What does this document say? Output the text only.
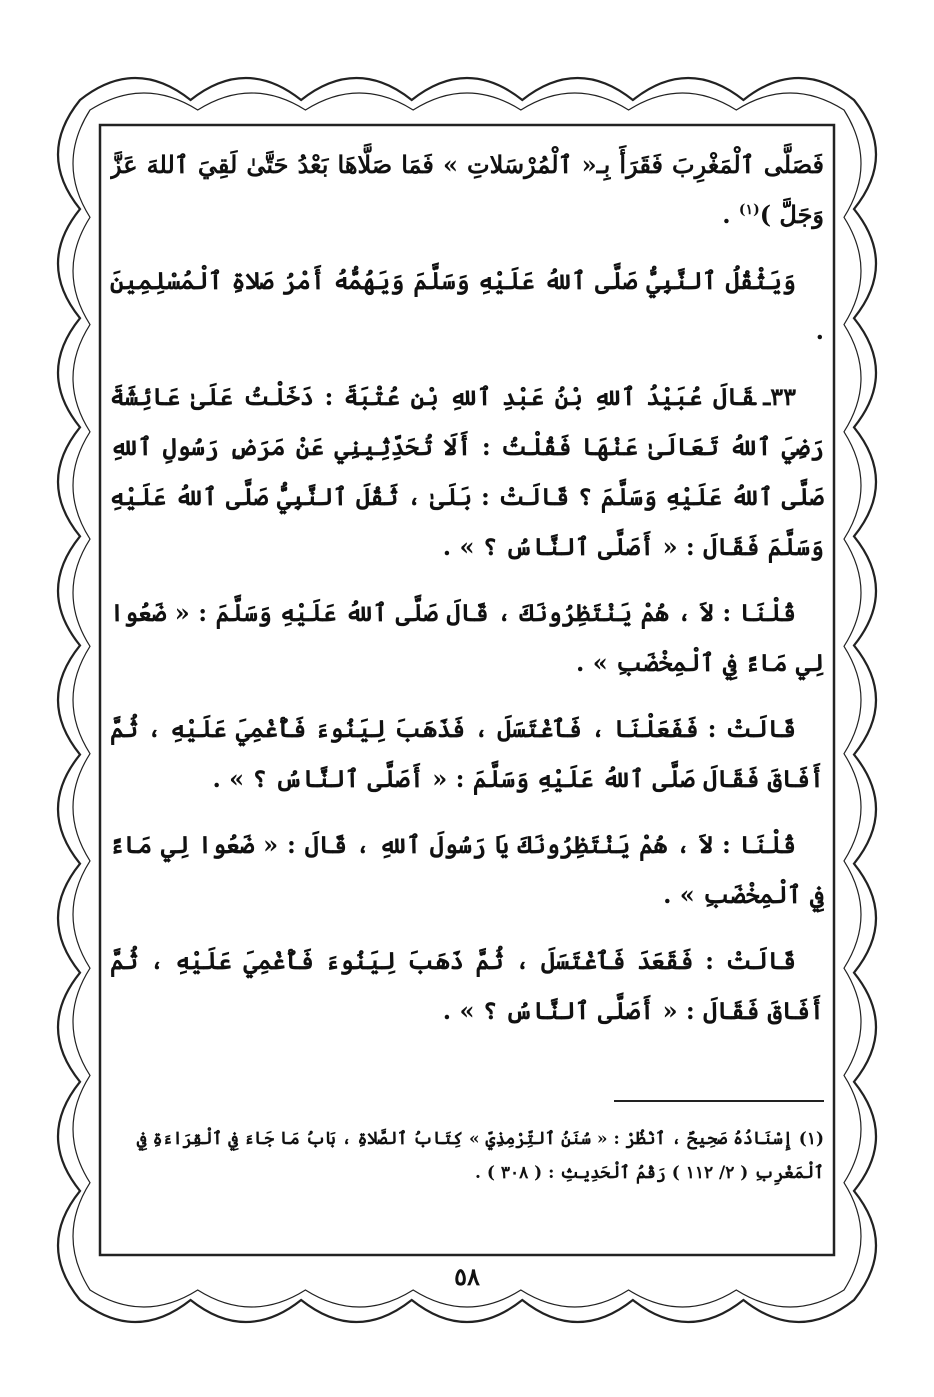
فَصَلَّى ٱلْمَغْرِبَ فَقَرَأَ بِـ« ٱلْمُرْسَلاتِ » فَمَا صَلَّاهَا بَعْدُ حَتَّىٰ لَقِيَ ٱللهَ عَزَّ وَجَلَّ )$^{(١)}$ .

وَيَثْقُلُ ٱلنَّبِيُّ صَلَّى ٱللهُ عَلَيْهِ وَسَلَّمَ وَيَهُمُّهُ أَمْرُ صَلاةِ ٱلْمُسْلِمِينَ .

٣٣ـقَالَ عُبَيْدُ ٱللهِ بْنُ عَبْدِ ٱللهِ بْنِ عُتْبَةَ : دَخَلْتُ عَلَىٰ عَائِشَةَ رَضِيَ ٱللهُ تَعَالَىٰ عَنْهَا فَقُلْتُ : أَلَا تُحَدِّثِينِي عَنْ مَرَضِ رَسُولِ ٱللهِ صَلَّى ٱللهُ عَلَيْهِ وَسَلَّمَ ؟ قَالَتْ : بَلَىٰ ، ثَقُلَ ٱلنَّبِيُّ صَلَّى ٱللهُ عَلَيْهِ وَسَلَّمَ فَقَالَ : « أَصَلَّى ٱلنَّاسُ ؟ » .

قُلْنَا : لاَ ، هُمْ يَنْتَظِرُونَكَ ، قَالَ صَلَّى ٱللهُ عَلَيْهِ وَسَلَّمَ : « ضَعُوا لِي مَاءً فِي ٱلْمِخْضَبِ » .

قَالَتْ : فَفَعَلْنَا ، فَٱغْتَسَلَ ، فَذَهَبَ لِيَنُوءَ فَأُغْمِيَ عَلَيْهِ ، ثُمَّ أَفَاقَ فَقَالَ صَلَّى ٱللهُ عَلَيْهِ وَسَلَّمَ : « أَصَلَّى ٱلنَّاسُ ؟ » .

قُلْنَا : لاَ ، هُمْ يَنْتَظِرُونَكَ يَا رَسُولَ ٱللهِ ، قَالَ : « ضَعُوا لِي مَاءً فِي ٱلْمِخْضَبِ » .

قَالَتْ : فَقَعَدَ فَٱغْتَسَلَ ، ثُمَّ ذَهَبَ لِيَنُوءَ فَأُغْمِيَ عَلَيْهِ ، ثُمَّ أَفَاقَ فَقَالَ : « أَصَلَّى ٱلنَّاسُ ؟ » .

(١) إِسْنَادُهُ صَحِيحٌ ، ٱنْظُرْ : « سُنَنُ ٱلتِّرْمِذِيِّ » كِتَابُ ٱلصَّلاةِ ، بَابُ مَا جَاءَ فِي ٱلْقِرَاءَةِ فِي ٱلْمَغْرِبِ ( ٢/ ١١٢ ) رَقْمُ ٱلْحَدِيثِ : ( ٣٠٨ ) .
٥٨
